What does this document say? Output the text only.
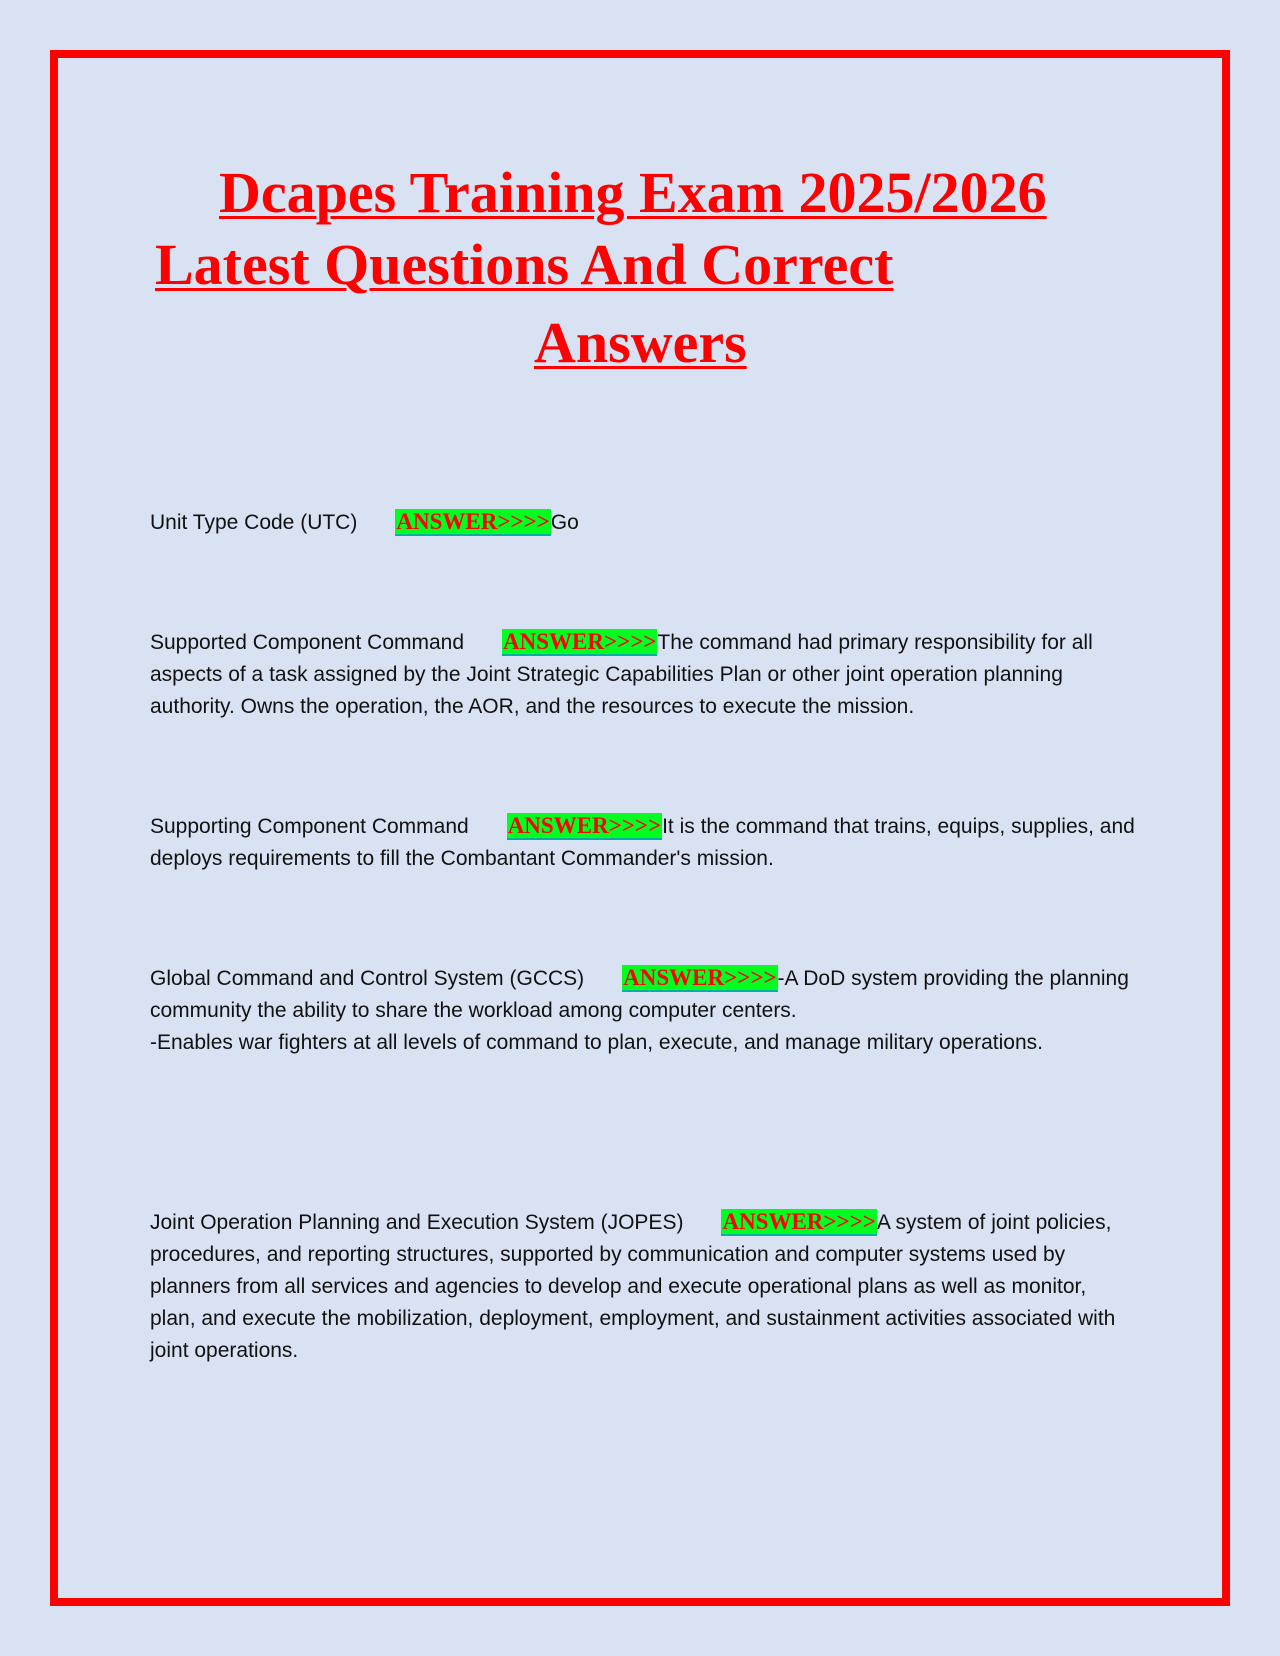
Dcapes Training Exam 2025/2026
Latest Questions And Correct
Answers

Unit Type Code (UTC) ANSWER>>>>Go

Supported Component Command ANSWER>>>>The command had primary responsibility for all aspects of a task assigned by the Joint Strategic Capabilities Plan or other joint operation planning authority. Owns the operation, the AOR, and the resources to execute the mission.

Supporting Component Command ANSWER>>>>It is the command that trains, equips, supplies, and deploys requirements to fill the Combantant Commander's mission.

Global Command and Control System (GCCS) ANSWER>>>>-A DoD system providing the planning community the ability to share the workload among computer centers.

-Enables war fighters at all levels of command to plan, execute, and manage military operations.

Joint Operation Planning and Execution System (JOPES) ANSWER>>>>A system of joint policies, procedures, and reporting structures, supported by communication and computer systems used by planners from all services and agencies to develop and execute operational plans as well as monitor, plan, and execute the mobilization, deployment, employment, and sustainment activities associated with joint operations.
